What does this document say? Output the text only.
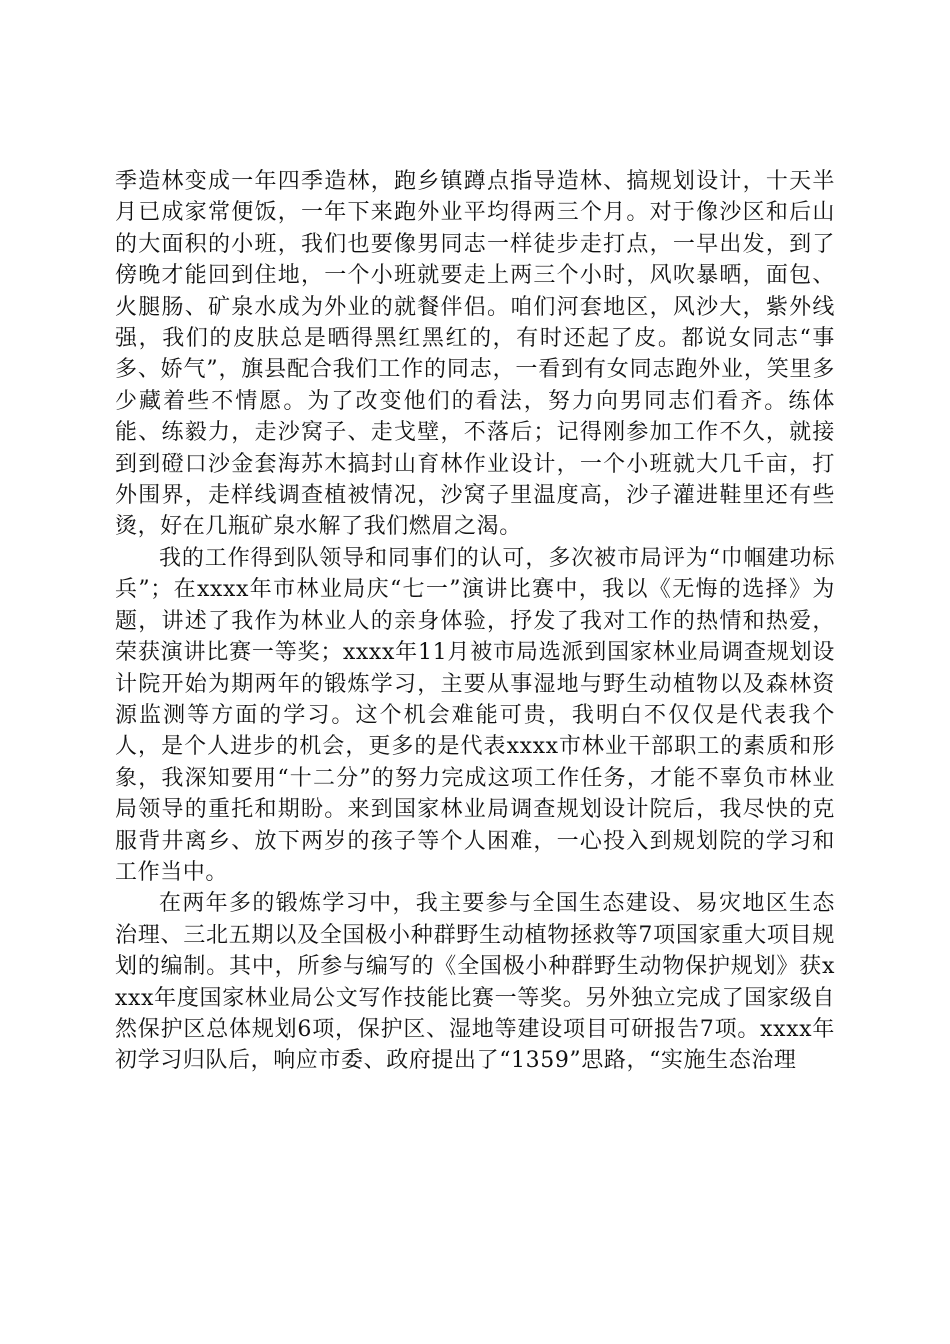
季造林变成一年四季造林，跑乡镇蹲点指导造林、搞规划设计，十天半月已成家常便饭，一年下来跑外业平均得两三个月。对于像沙区和后山的大面积的小班，我们也要像男同志一样徒步走打点，一早出发，到了傍晚才能回到住地，一个小班就要走上两三个小时，风吹暴晒，面包、火腿肠、矿泉水成为外业的就餐伴侣。咱们河套地区，风沙大，紫外线强，我们的皮肤总是晒得黑红黑红的，有时还起了皮。都说女同志“事多、娇气”，旗县配合我们工作的同志，一看到有女同志跑外业，笑里多少藏着些不情愿。为了改变他们的看法，努力向男同志们看齐。练体能、练毅力，走沙窝子、走戈壁，不落后；记得刚参加工作不久，就接到到磴口沙金套海苏木搞封山育林作业设计，一个小班就大几千亩，打外围界，走样线调查植被情况，沙窝子里温度高，沙子灌进鞋里还有些烫，好在几瓶矿泉水解了我们燃眉之渴。

我的工作得到队领导和同事们的认可，多次被市局评为“巾帼建功标兵”；在xxxx年市林业局庆“七一”演讲比赛中，我以《无悔的选择》为题，讲述了我作为林业人的亲身体验，抒发了我对工作的热情和热爱，荣获演讲比赛一等奖；xxxx年11月被市局选派到国家林业局调查规划设计院开始为期两年的锻炼学习，主要从事湿地与野生动植物以及森林资源监测等方面的学习。这个机会难能可贵，我明白不仅仅是代表我个人，是个人进步的机会，更多的是代表xxxx市林业干部职工的素质和形象，我深知要用“十二分”的努力完成这项工作任务，才能不辜负市林业局领导的重托和期盼。来到国家林业局调查规划设计院后，我尽快的克服背井离乡、放下两岁的孩子等个人困难，一心投入到规划院的学习和工作当中。

在两年多的锻炼学习中，我主要参与全国生态建设、易灾地区生态治理、三北五期以及全国极小种群野生动植物拯救等7项国家重大项目规划的编制。其中，所参与编写的《全国极小种群野生动物保护规划》获xxxx年度国家林业局公文写作技能比赛一等奖。另外独立完成了国家级自然保护区总体规划6项，保护区、湿地等建设项目可研报告7项。xxxx年初学习归队后，响应市委、政府提出了“1359”思路，“实施生态治理
